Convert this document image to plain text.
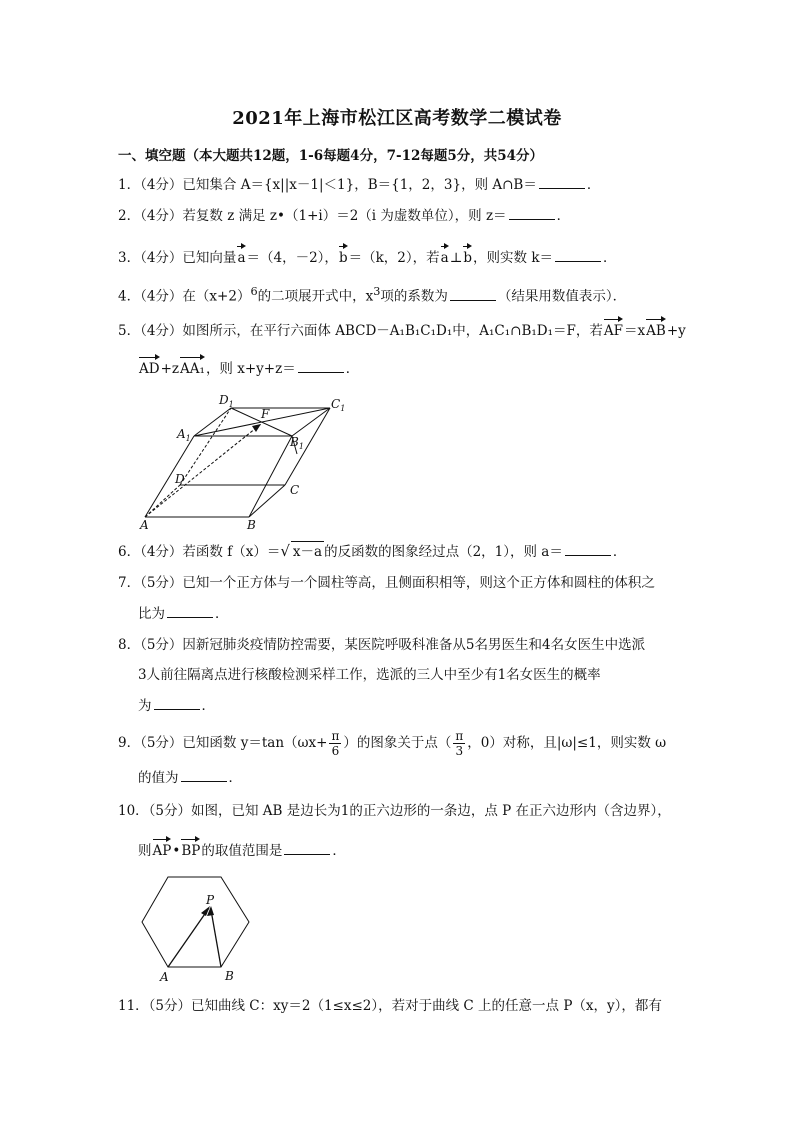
2021年上海市松江区高考数学二模试卷
一、填空题（本大题共12题，1-6每题4分，7-12每题5分，共54分）
1．（4分）已知集合 A＝{x||x－1|＜1}，B＝{1，2，3}，则 A∩B＝	．
2．（4分）若复数 z 满足 z•（1+i）＝2（i 为虚数单位），则 z＝	．
3．（4分）已知向量a＝（4，－2），b＝（k，2），若a⊥b，则实数 k＝	．
4．（4分）在$(x+2)^6$的二项展开式中，$x^3$项的系数为	（结果用数值表示）．
5．（4分）如图所示，在平行六面体 ABCD－A₁B₁C₁D₁中，A₁C₁∩B₁D₁＝F，若AF＝xAB+y
AD+zAA₁，则 x+y+z＝	．
$D_1$	$C_1$
F
$A_1$	$B_1$
D
C
A	B
6．（4分）若函数 f（x）＝√ x－a 的反函数的图象经过点（2，1），则 a＝	．
7．（5分）已知一个正方体与一个圆柱等高，且侧面积相等，则这个正方体和圆柱的体积之
比为	．
8．（5分）因新冠肺炎疫情防控需要，某医院呼吸科准备从5名男医生和4名女医生中选派
3人前往隔离点进行核酸检测采样工作，选派的三人中至少有1名女医生的概率
为	．
9．（5分）已知函数 $y=\tan(\omega x+ \frac{\pi}{6}$ ）的图象关于点（ $\frac{\pi}{3}$ ，0）对称，且|ω|≤1，则实数 ω
的值为	．
10．（5分）如图，已知 AB 是边长为1的正六边形的一条边，点 P 在正六边形内（含边界），
则AP•BP的取值范围是	．
P
A	B
11．（5分）已知曲线 C：xy＝2（1≤x≤2），若对于曲线 C 上的任意一点 P（x，y），都有
